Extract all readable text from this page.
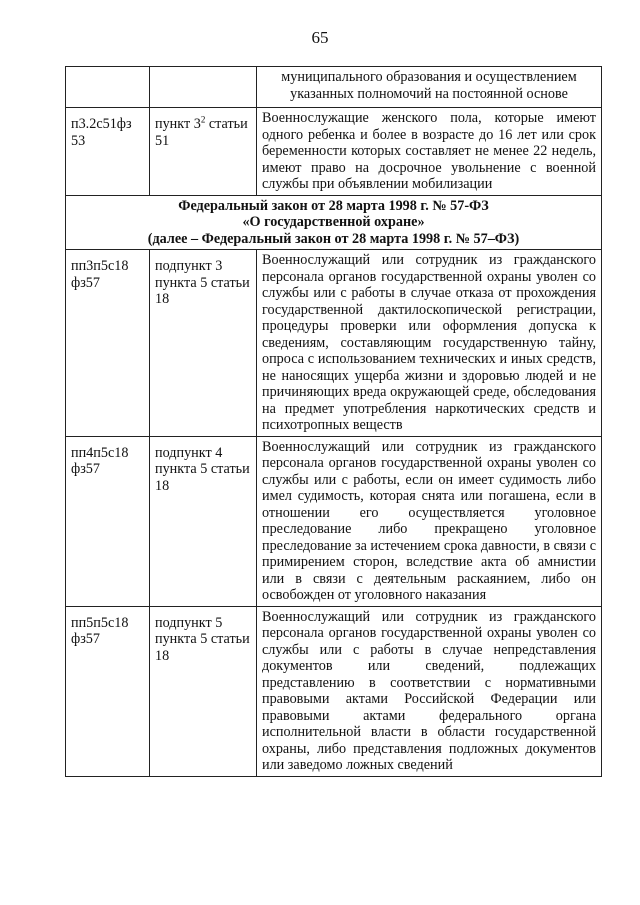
65
		муниципального образования и осуществлением указанных полномочий на постоянной основе

п3.2с51фз 53	пункт $3^2$ статьи 51	Военнослужащие женского пола, которые имеют одного ребенка и более в возрасте до 16 лет или срок беременности которых составляет не менее 22 недель, имеют право на досрочное увольнение с военной службы при объявлении мобилизации

Федеральный закон от 28 марта 1998 г. № 57-ФЗ
«О государственной охране»
(далее – Федеральный закон от 28 марта 1998 г. № 57–ФЗ)		

пп3п5с18 фз57	подпункт 3 пункта 5 статьи 18	Военнослужащий или сотрудник из гражданского персонала органов государственной охраны уволен со службы или с работы в случае отказа от прохождения государственной дактилоскопической регистрации, процедуры проверки или оформления допуска к сведениям, составляющим государственную тайну, опроса с использованием технических и иных средств, не наносящих ущерба жизни и здоровью людей и не причиняющих вреда окружающей среде, обследования на предмет употребления наркотических средств и психотропных веществ

пп4п5с18 фз57	подпункт 4 пункта 5 статьи 18	Военнослужащий или сотрудник из гражданского персонала органов государственной охраны уволен со службы или с работы, если он имеет судимость либо имел судимость, которая снята или погашена, если в отношении его осуществляется уголовное преследование либо прекращено уголовное преследование за истечением срока давности, в связи с примирением сторон, вследствие акта об амнистии или в связи с деятельным раскаянием, либо он освобожден от уголовного наказания

пп5п5с18 фз57	подпункт 5 пункта 5 статьи 18	Военнослужащий или сотрудник из гражданского персонала органов государственной охраны уволен со службы или с работы в случае непредставления документов или сведений, подлежащих представлению в соответствии с нормативными правовыми актами Российской Федерации или правовыми актами федерального органа исполнительной власти в области государственной охраны, либо представления подложных документов или заведомо ложных сведений
